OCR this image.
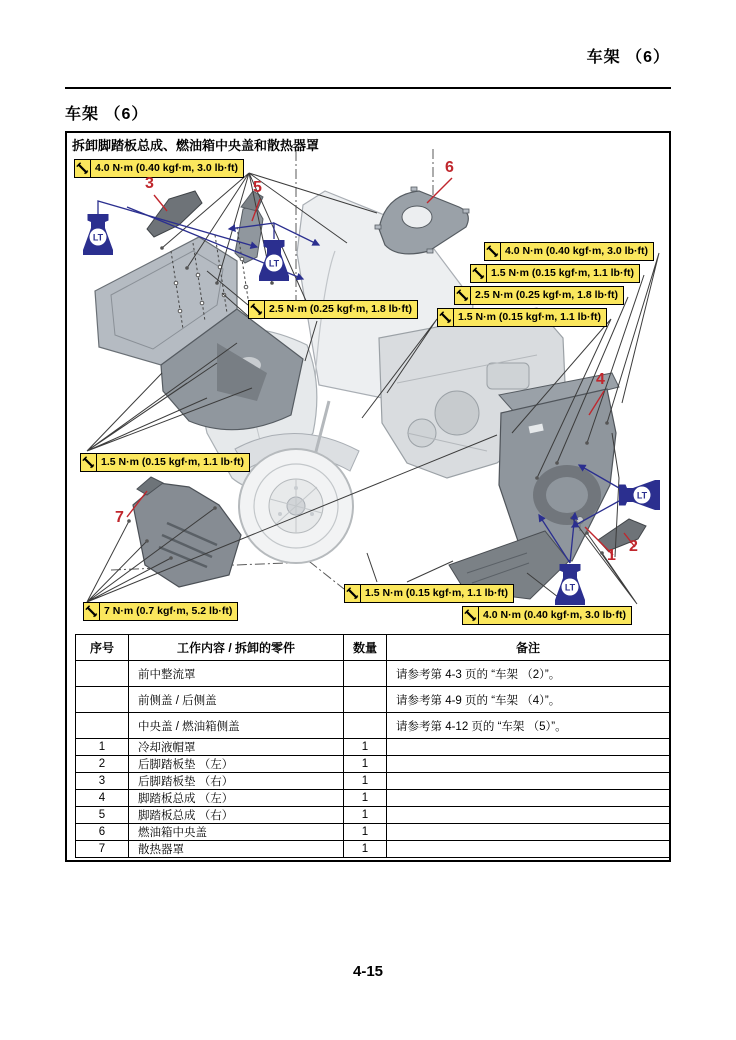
车架 （6）
车架 （6）
拆卸脚踏板总成、燃油箱中央盖和散热器罩
LT
LT
LT
LT
4.0 N·m (0.40 kgf·m, 3.0 lb·ft)
2.5 N·m (0.25 kgf·m, 1.8 lb·ft)
4.0 N·m (0.40 kgf·m, 3.0 lb·ft)
1.5 N·m (0.15 kgf·m, 1.1 lb·ft)
2.5 N·m (0.25 kgf·m, 1.8 lb·ft)
1.5 N·m (0.15 kgf·m, 1.1 lb·ft)
1.5 N·m (0.15 kgf·m, 1.1 lb·ft)
7 N·m (0.7 kgf·m, 5.2 lb·ft)
1.5 N·m (0.15 kgf·m, 1.1 lb·ft)
4.0 N·m (0.40 kgf·m, 3.0 lb·ft)
3	5
6
4
7
1
2
序号	工作内容 / 拆卸的零件	数量	备注
	前中整流罩		请参考第 4-3 页的 “车架 （2）”。
	前侧盖 / 后侧盖		请参考第 4-9 页的 “车架 （4）”。
	中央盖 / 燃油箱侧盖		请参考第 4-12 页的 “车架 （5）”。
1	冷却液帽罩	1	
2	后脚踏板垫 （左）	1	
3	后脚踏板垫 （右）	1	
4	脚踏板总成 （左）	1	
5	脚踏板总成 （右）	1	
6	燃油箱中央盖	1	
7	散热器罩	1	
4-15
